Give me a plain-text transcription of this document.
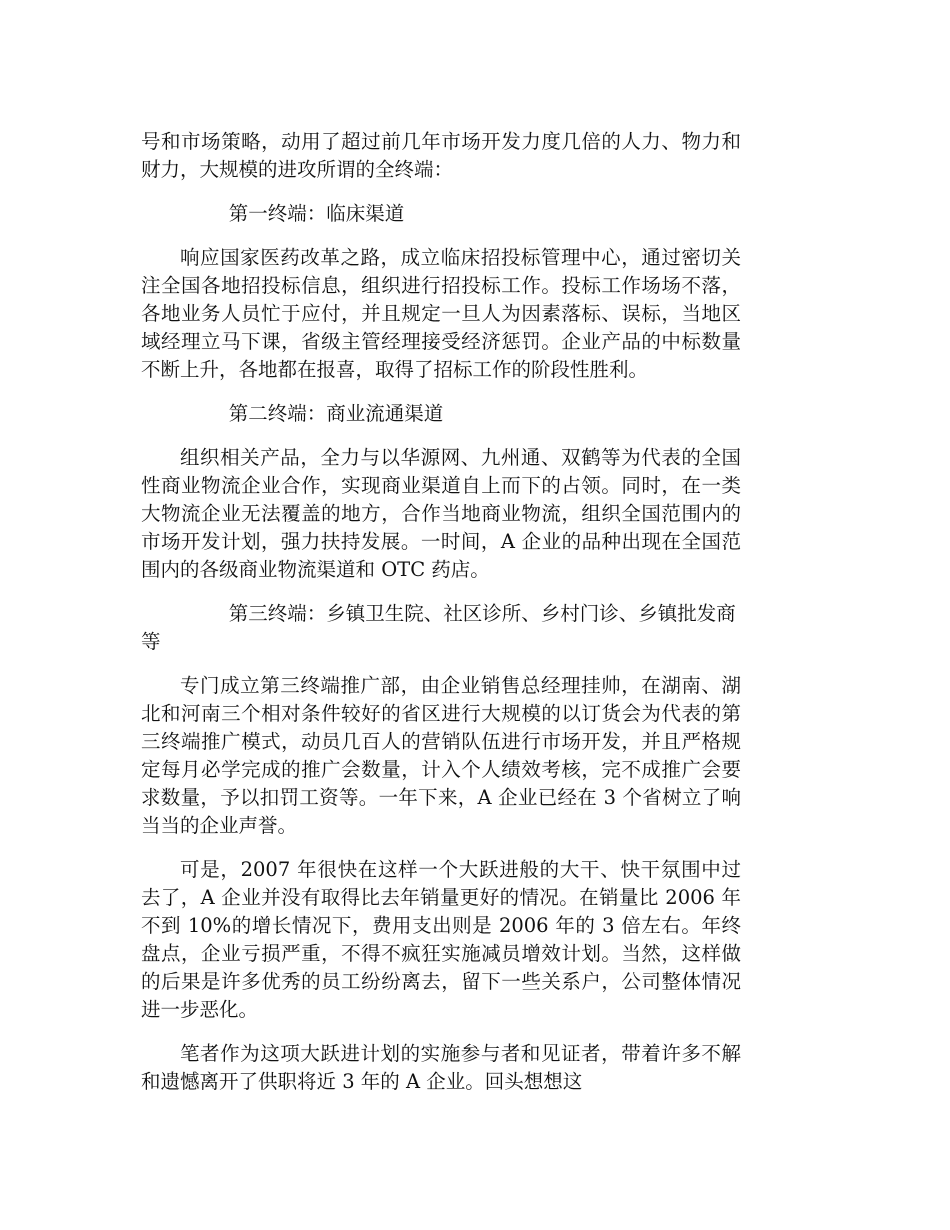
号和市场策略，动用了超过前几年市场开发力度几倍的人力、物力和财力，大规模的进攻所谓的全终端：

第一终端：临床渠道

响应国家医药改革之路，成立临床招投标管理中心，通过密切关注全国各地招投标信息，组织进行招投标工作。投标工作场场不落，各地业务人员忙于应付，并且规定一旦人为因素落标、误标，当地区域经理立马下课，省级主管经理接受经济惩罚。企业产品的中标数量不断上升，各地都在报喜，取得了招标工作的阶段性胜利。

第二终端：商业流通渠道

组织相关产品，全力与以华源网、九州通、双鹤等为代表的全国性商业物流企业合作，实现商业渠道自上而下的占领。同时，在一类大物流企业无法覆盖的地方，合作当地商业物流，组织全国范围内的市场开发计划，强力扶持发展。一时间，A 企业的品种出现在全国范围内的各级商业物流渠道和 OTC 药店。

第三终端：乡镇卫生院、社区诊所、乡村门诊、乡镇批发商等

专门成立第三终端推广部，由企业销售总经理挂帅，在湖南、湖北和河南三个相对条件较好的省区进行大规模的以订货会为代表的第三终端推广模式，动员几百人的营销队伍进行市场开发，并且严格规定每月必学完成的推广会数量，计入个人绩效考核，完不成推广会要求数量，予以扣罚工资等。一年下来，A 企业已经在 3 个省树立了响当当的企业声誉。

可是，2007 年很快在这样一个大跃进般的大干、快干氛围中过去了，A 企业并没有取得比去年销量更好的情况。在销量比 2006 年不到 10%的增长情况下，费用支出则是 2006 年的 3 倍左右。年终盘点，企业亏损严重，不得不疯狂实施减员增效计划。当然，这样做的后果是许多优秀的员工纷纷离去，留下一些关系户，公司整体情况进一步恶化。

笔者作为这项大跃进计划的实施参与者和见证者，带着许多不解和遗憾离开了供职将近 3 年的 A 企业。回头想想这
